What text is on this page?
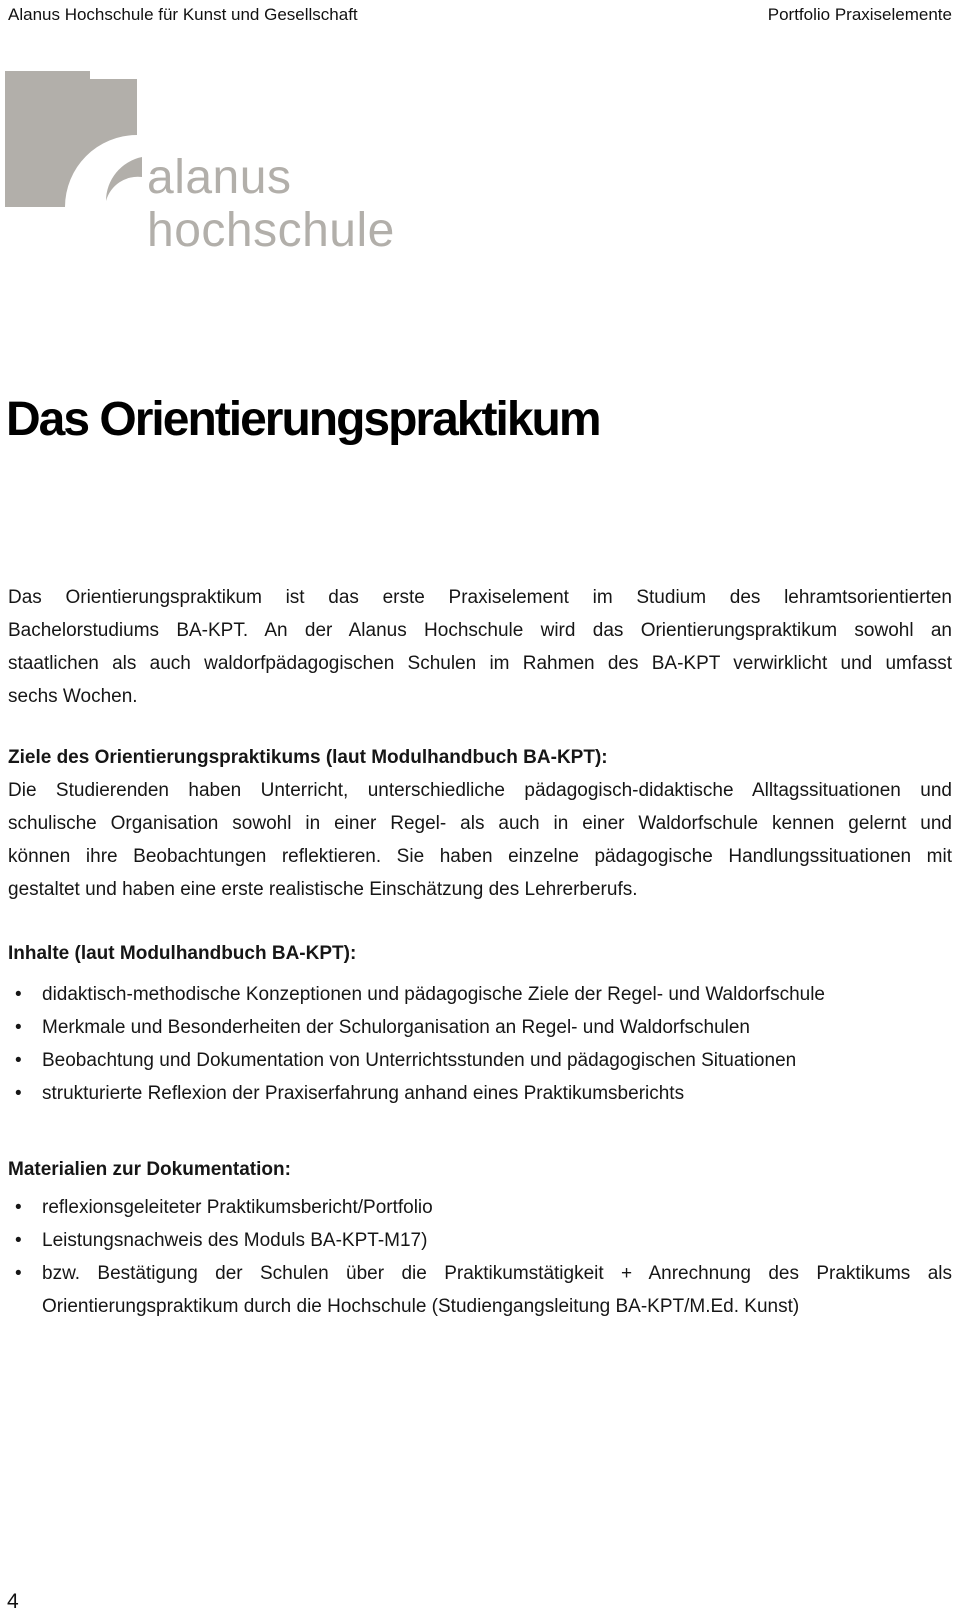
Alanus Hochschule für Kunst und Gesellschaft	Portfolio Praxiselemente
alanus
hochschule
Das Orientierungspraktikum
Das Orientierungspraktikum ist das erste Praxiselement im Studium des lehramtsorientierten
Bachelorstudiums BA-KPT. An der Alanus Hochschule wird das Orientierungspraktikum sowohl an
staatlichen als auch waldorfpädagogischen Schulen im Rahmen des BA-KPT verwirklicht und umfasst
sechs Wochen.
Ziele des Orientierungspraktikums (laut Modulhandbuch BA-KPT):
Die Studierenden haben Unterricht, unterschiedliche pädagogisch-didaktische Alltagssituationen und
schulische Organisation sowohl in einer Regel- als auch in einer Waldorfschule kennen gelernt und
können ihre Beobachtungen reflektieren. Sie haben einzelne pädagogische Handlungssituationen mit
gestaltet und haben eine erste realistische Einschätzung des Lehrerberufs.
Inhalte (laut Modulhandbuch BA-KPT):
•	didaktisch-methodische Konzeptionen und pädagogische Ziele der Regel- und Waldorfschule
•	Merkmale und Besonderheiten der Schulorganisation an Regel- und Waldorfschulen
•	Beobachtung und Dokumentation von Unterrichtsstunden und pädagogischen Situationen
•	strukturierte Reflexion der Praxiserfahrung anhand eines Praktikumsberichts
Materialien zur Dokumentation:
•	reflexionsgeleiteter Praktikumsbericht/Portfolio
•	Leistungsnachweis des Moduls BA-KPT-M17)
•	bzw. Bestätigung der Schulen über die Praktikumstätigkeit + Anrechnung des Praktikums als
Orientierungspraktikum durch die Hochschule (Studiengangsleitung BA-KPT/M.Ed. Kunst)
4
